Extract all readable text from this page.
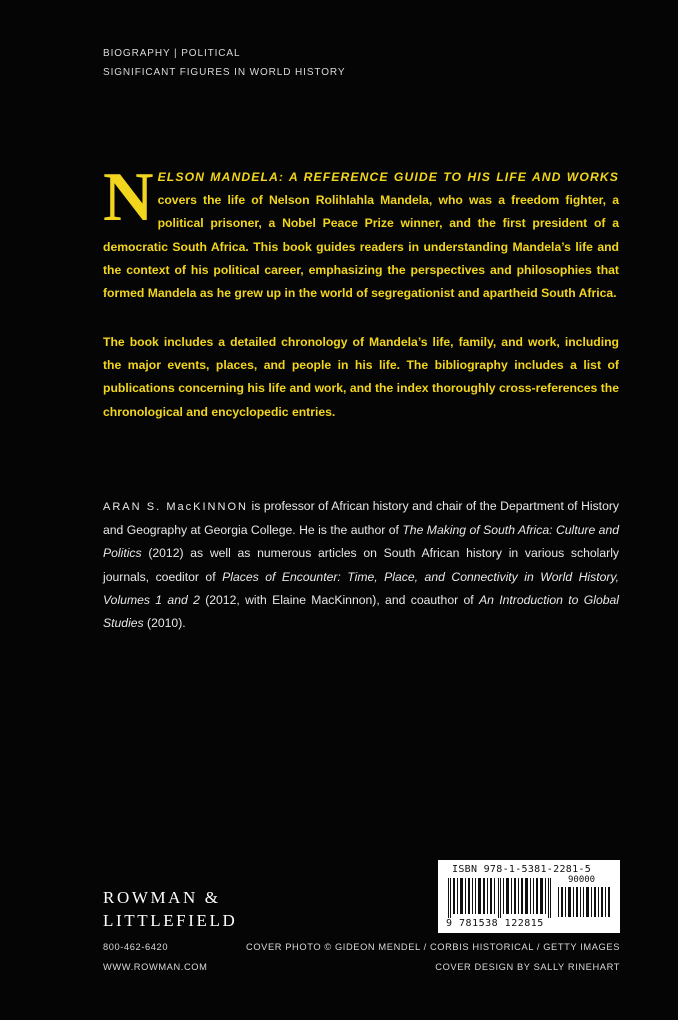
BIOGRAPHY | POLITICAL
SIGNIFICANT FIGURES IN WORLD HISTORY
N ELSON MANDELA: A REFERENCE GUIDE TO HIS LIFE AND WORKS covers the life of Nelson Rolihlahla Mandela, who was a freedom fighter, a political prisoner, a Nobel Peace Prize winner, and the first president of a democratic South Africa. This book guides readers in understanding Mandela’s life and the context of his political career, emphasizing the perspectives and philosophies that formed Mandela as he grew up in the world of segregationist and apartheid South Africa.
The book includes a detailed chronology of Mandela’s life, family, and work, including the major events, places, and people in his life. The bibliography includes a list of publications concerning his life and work, and the index thoroughly cross-references the chronological and encyclopedic entries.
ARAN S. MacKINNON is professor of African history and chair of the Department of History and Geography at Georgia College. He is the author of The Making of South Africa: Culture and Politics (2012) as well as numerous articles on South African history in various scholarly journals, coeditor of Places of Encounter: Time, Place, and Connectivity in World History, Volumes 1 and 2 (2012, with Elaine MacKinnon), and coauthor of An Introduction to Global Studies (2010).
ISBN 978-1-5381-2281-5
90000
9 781538 122815
ROWMAN &
LITTLEFIELD
800-462-6420
WWW.ROWMAN.COM
COVER PHOTO © GIDEON MENDEL / CORBIS HISTORICAL / GETTY IMAGES
COVER DESIGN BY SALLY RINEHART
